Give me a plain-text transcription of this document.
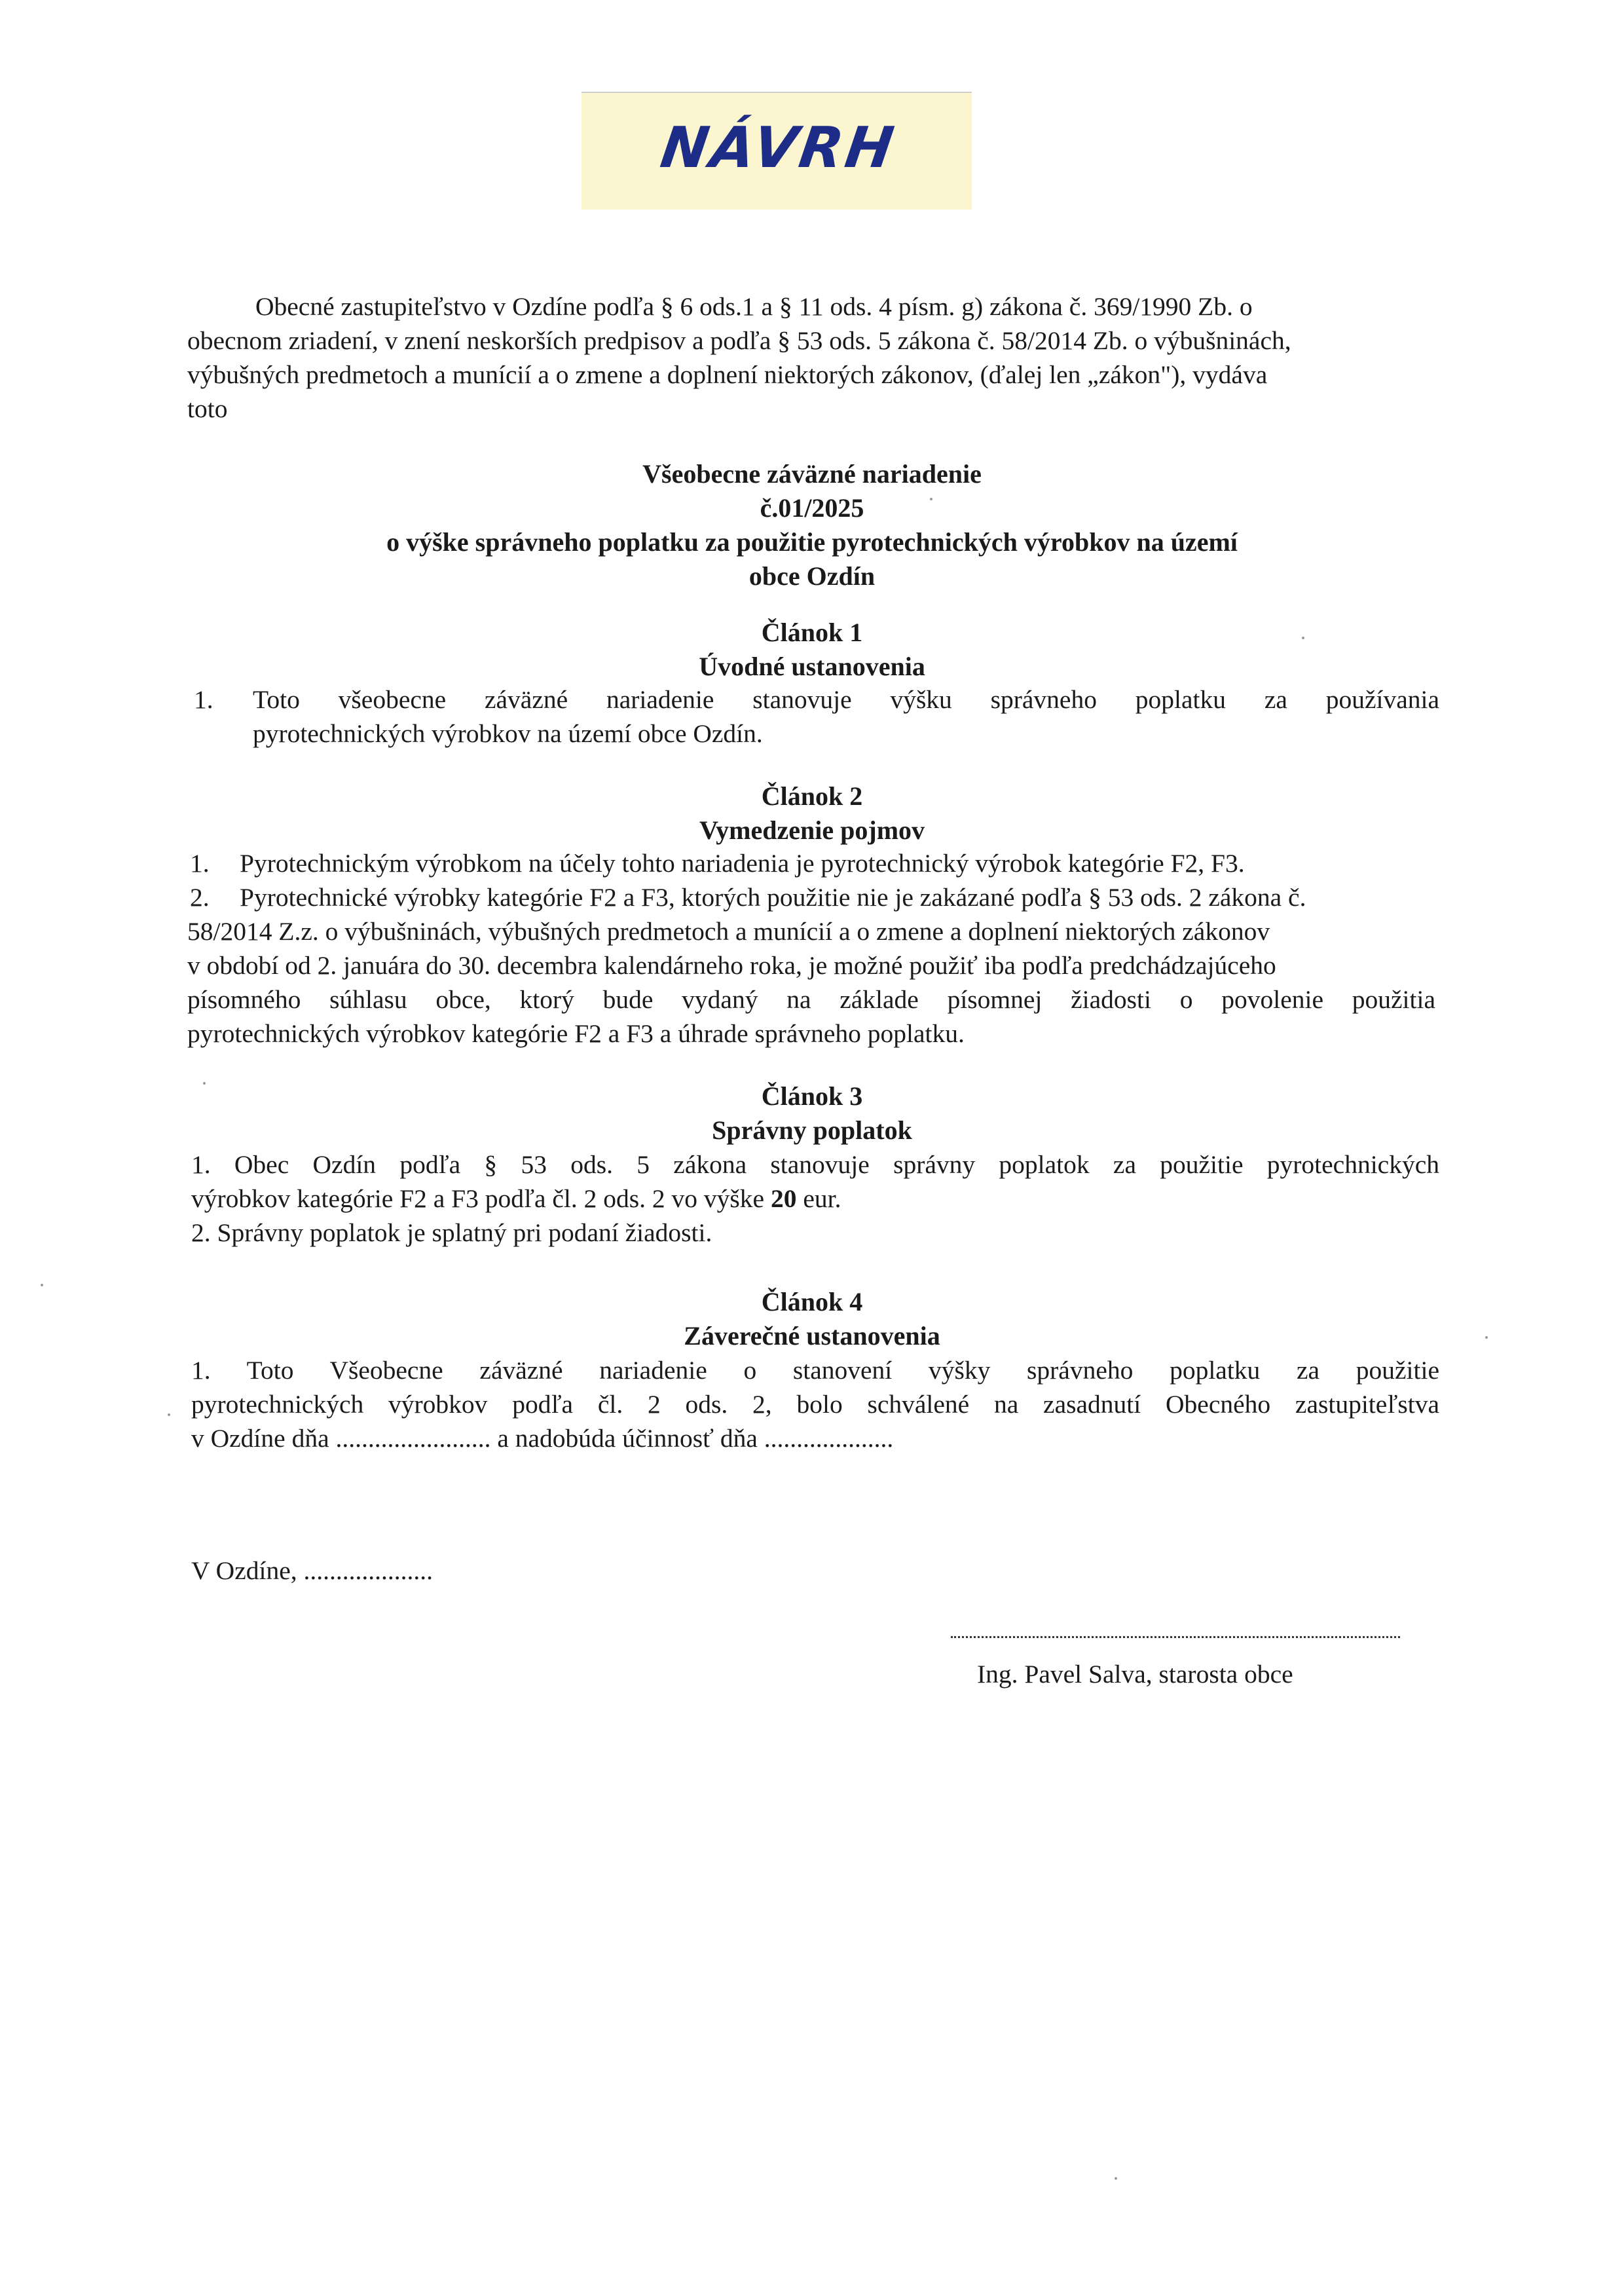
NÁVRH
Obecné zastupiteľstvo v Ozdíne podľa § 6 ods.1 a § 11 ods. 4 písm. g) zákona č. 369/1990 Zb. o
obecnom zriadení, v znení neskorších predpisov a podľa § 53 ods. 5 zákona č. 58/2014 Zb. o výbušninách,
výbušných predmetoch a munícií a o zmene a doplnení niektorých zákonov, (ďalej len „zákon"), vydáva
toto
Všeobecne záväzné nariadenie
č.01/2025
o výške správneho poplatku za použitie pyrotechnických výrobkov na území
obce Ozdín
Článok 1
Úvodné ustanovenia
1. Toto všeobecne záväzné nariadenie stanovuje výšku správneho poplatku za používania
pyrotechnických výrobkov na území obce Ozdín.
Článok 2
Vymedzenie pojmov
1. Pyrotechnickým výrobkom na účely tohto nariadenia je pyrotechnický výrobok kategórie F2, F3.
2. Pyrotechnické výrobky kategórie F2 a F3, ktorých použitie nie je zakázané podľa § 53 ods. 2 zákona č.
58/2014 Z.z. o výbušninách, výbušných predmetoch a munícií a o zmene a doplnení niektorých zákonov
v období od 2. januára do 30. decembra kalendárneho roka, je možné použiť iba podľa predchádzajúceho
písomného súhlasu obce, ktorý bude vydaný na základe písomnej žiadosti o povolenie použitia
pyrotechnických výrobkov kategórie F2 a F3 a úhrade správneho poplatku.
Článok 3
Správny poplatok
1. Obec Ozdín podľa § 53 ods. 5 zákona stanovuje správny poplatok za použitie pyrotechnických
výrobkov kategórie F2 a F3 podľa čl. 2 ods. 2 vo výške 20 eur.
2. Správny poplatok je splatný pri podaní žiadosti.
Článok 4
Záverečné ustanovenia
1. Toto Všeobecne záväzné nariadenie o stanovení výšky správneho poplatku za použitie
pyrotechnických výrobkov podľa čl. 2 ods. 2, bolo schválené na zasadnutí Obecného zastupiteľstva
v Ozdíne dňa ........................ a nadobúda účinnosť dňa ....................
V Ozdíne, ....................
Ing. Pavel Salva, starosta obce
